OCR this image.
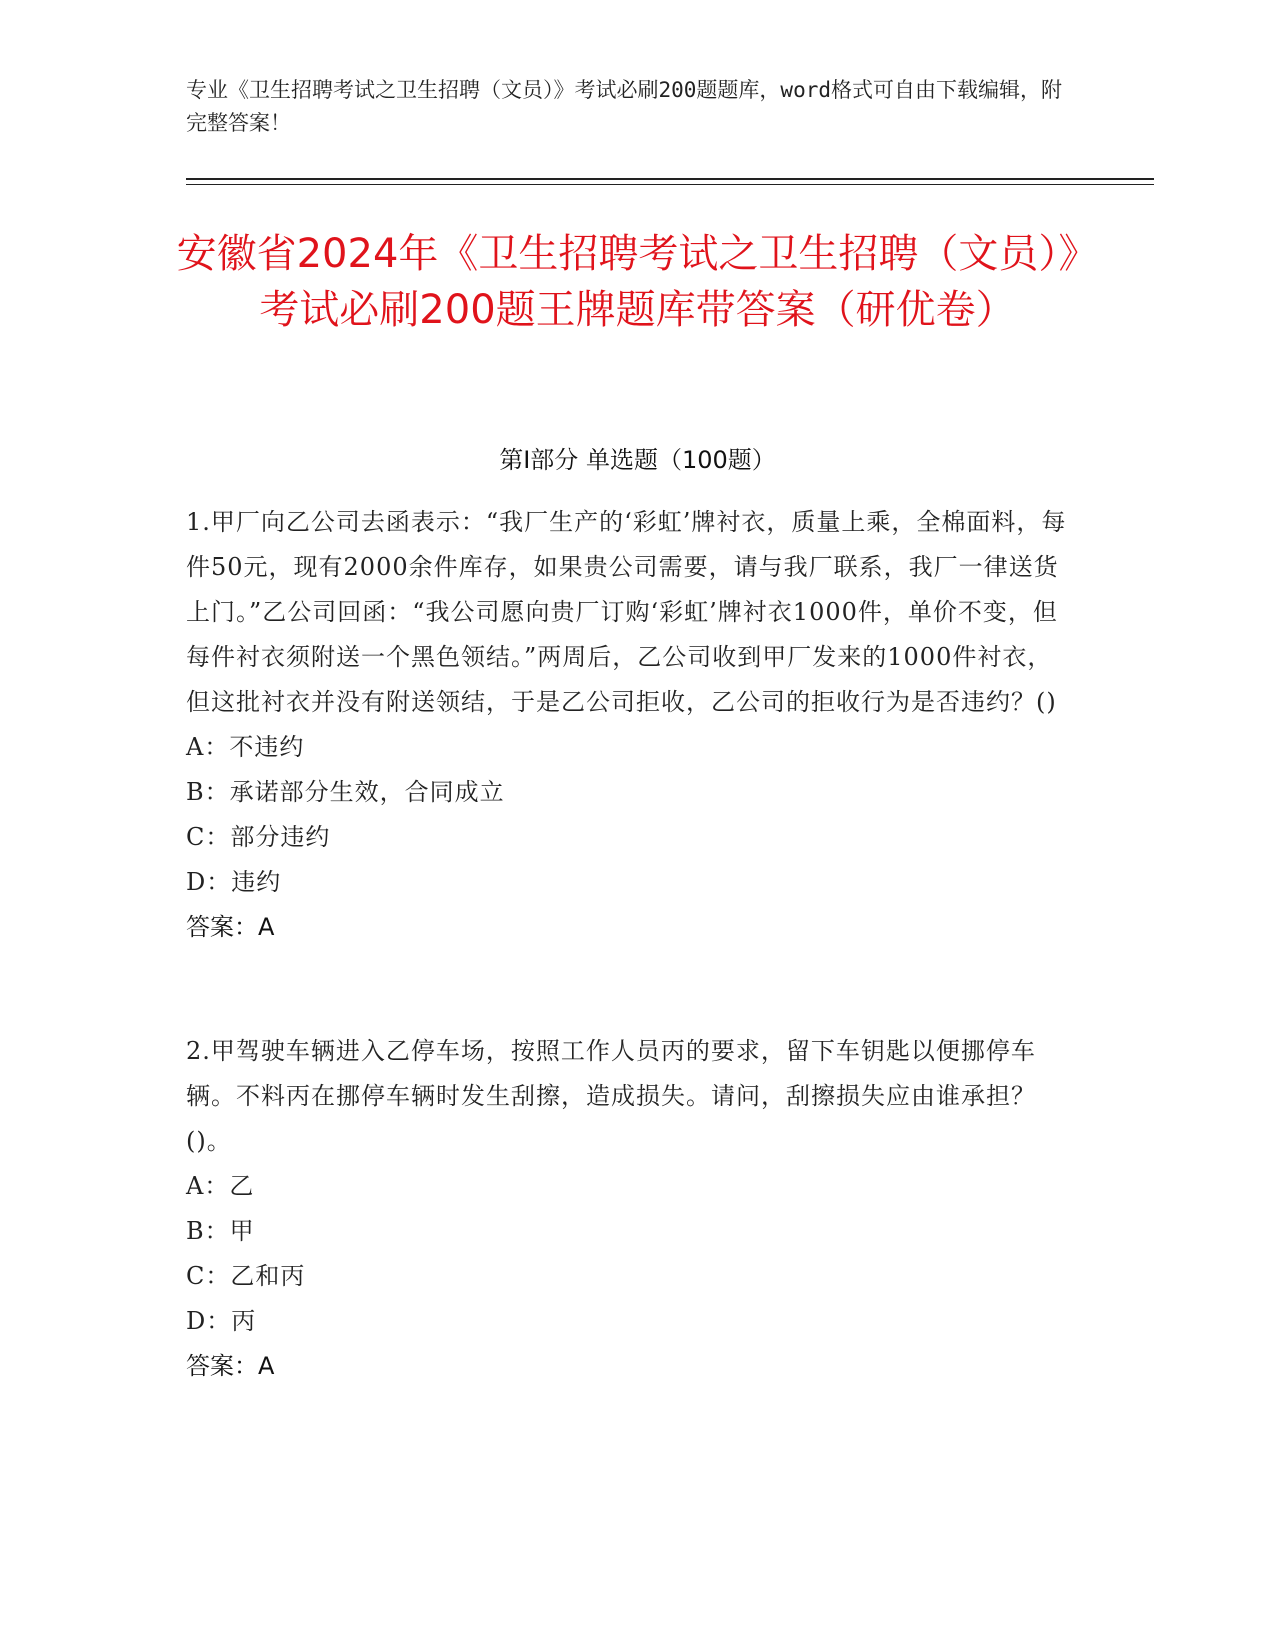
专业《卫生招聘考试之卫生招聘（文员）》考试必刷200题题库，word格式可自由下载编辑，附完整答案！
安徽省2024年《卫生招聘考试之卫生招聘（文员）》考试必刷200题王牌题库带答案（研优卷）
第I部分 单选题（100题）
1.甲厂向乙公司去函表示：“我厂生产的‘彩虹’牌衬衣，质量上乘，全棉面料，每件50元，现有2000余件库存，如果贵公司需要，请与我厂联系，我厂一律送货上门。”乙公司回函：“我公司愿向贵厂订购‘彩虹’牌衬衣1000件，单价不变，但每件衬衣须附送一个黑色领结。”两周后，乙公司收到甲厂发来的1000件衬衣，但这批衬衣并没有附送领结，于是乙公司拒收，乙公司的拒收行为是否违约？()
A：不违约
B：承诺部分生效，合同成立
C：部分违约
D：违约
答案：A
2.甲驾驶车辆进入乙停车场，按照工作人员丙的要求，留下车钥匙以便挪停车辆。不料丙在挪停车辆时发生刮擦，造成损失。请问，刮擦损失应由谁承担？()。
A：乙
B：甲
C：乙和丙
D：丙
答案：A
